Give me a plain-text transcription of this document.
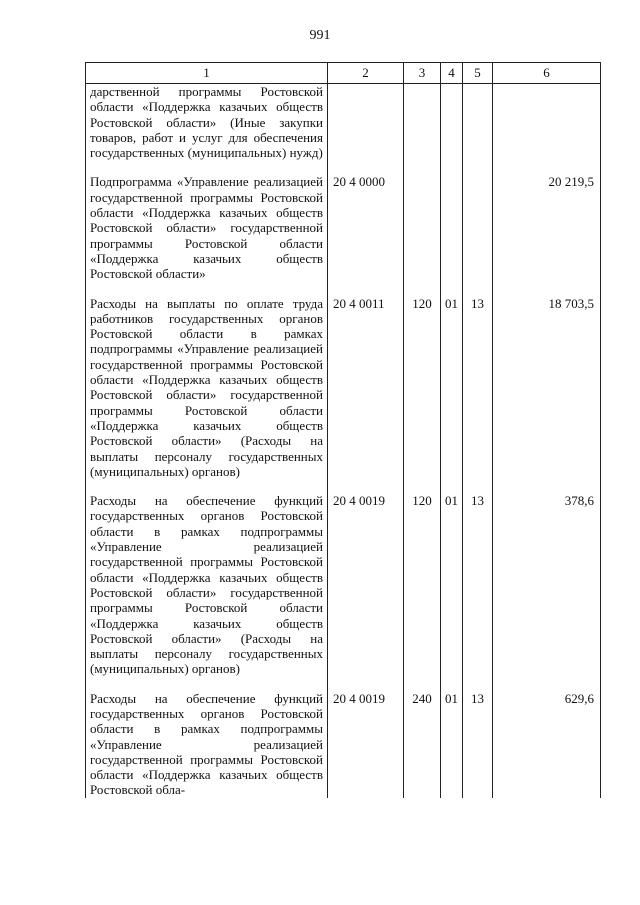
991
1	2	3	4	5	6
дарственной программы Ростовской области «Поддержка казачьих обществ Ростовской области» (Иные закупки товаров, работ и услуг для обеспечения государственных (муниципальных) нужд)					

Подпрограмма «Управление реализацией государственной программы Ростовской области «Поддержка казачьих обществ Ростовской области» государственной программы Ростовской области «Поддержка казачьих обществ Ростовской области»	20 4 0000				20 219,5

Расходы на выплаты по оплате труда работников государственных органов Ростовской области в рамках подпрограммы «Управление реализацией государственной программы Ростовской области «Поддержка казачьих обществ Ростовской области» государственной программы Ростовской области «Поддержка казачьих обществ Ростовской области» (Расходы на выплаты персоналу государственных (муниципальных) органов)	20 4 0011	120	01	13	18 703,5

Расходы на обеспечение функций государственных органов Ростовской области в рамках подпрограммы «Управление реализацией государственной программы Ростовской области «Поддержка казачьих обществ Ростовской области» государственной программы Ростовской области «Поддержка казачьих обществ Ростовской области» (Расходы на выплаты персоналу государственных (муниципальных) органов)	20 4 0019	120	01	13	378,6

Расходы на обеспечение функций государственных органов Ростовской области в рамках подпрограммы «Управление реализацией государственной программы Ростовской области «Поддержка казачьих обществ Ростовской обла-	20 4 0019	240	01	13	629,6
